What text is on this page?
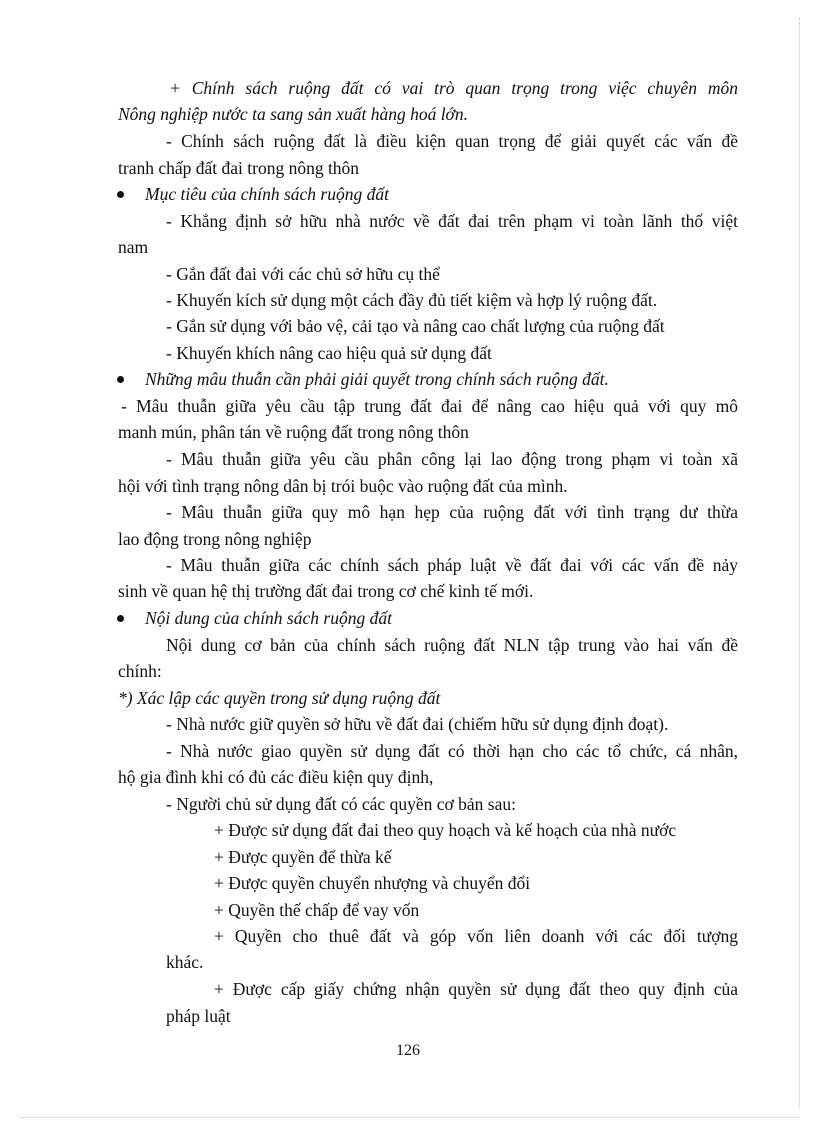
+ Chính sách ruộng đất có vai trò quan trọng trong việc chuyên môn
Nông nghiệp nước ta sang sản xuất hàng hoá lớn.
- Chính sách ruộng đất là điều kiện quan trọng để giải quyết các vấn đề
tranh chấp đất đai trong nông thôn
Mục tiêu của chính sách ruộng đất
- Khẳng định sở hữu nhà nước về đất đai trên phạm vi toàn lãnh thổ việt
nam
- Gắn đất đai với các chủ sở hữu cụ thể
- Khuyến kích sử dụng một cách đầy đủ tiết kiệm và hợp lý ruộng đất.
- Gắn sử dụng với bảo vệ, cải tạo và nâng cao chất lượng của ruộng đất
- Khuyến khích nâng cao hiệu quả sử dụng đất
Những mâu thuẫn cần phải giải quyết trong chính sách ruộng đất.
- Mâu thuẫn giữa yêu cầu tập trung đất đai để nâng cao hiệu quả với quy mô
manh mún, phân tán về ruộng đất trong nông thôn
- Mâu thuẫn giữa yêu cầu phân công lại lao động trong phạm vi toàn xã
hội với tình trạng nông dân bị trói buộc vào ruộng đất của mình.
- Mâu thuẫn giữa quy mô hạn hẹp của ruộng đất với tình trạng dư thừa
lao động trong nông nghiệp
- Mâu thuẫn giữa các chính sách pháp luật về đất đai với các vấn đề nảy
sinh về quan hệ thị trường đất đai trong cơ chế kinh tế mới.
Nội dung của chính sách ruộng đất
Nội dung cơ bản của chính sách ruộng đất NLN tập trung vào hai vấn đề
chính:
*) Xác lập các quyền trong sử dụng ruộng đất
- Nhà nước giữ quyền sở hữu về đất đai (chiếm hữu sử dụng định đoạt).
- Nhà nước giao quyền sử dụng đất có thời hạn cho các tổ chức, cá nhân,
hộ gia đình khi có đủ các điều kiện quy định,
- Người chủ sử dụng đất có các quyền cơ bản sau:
+ Được sử dụng đất đai theo quy hoạch và kế hoạch của nhà nước
+ Được quyền để thừa kế
+ Được quyền chuyển nhượng và chuyển đổi
+ Quyền thế chấp để vay vốn
+ Quyền cho thuê đất và góp vốn liên doanh với các đối tượng
khác.
+ Được cấp giấy chứng nhận quyền sử dụng đất theo quy định của
pháp luật
126
